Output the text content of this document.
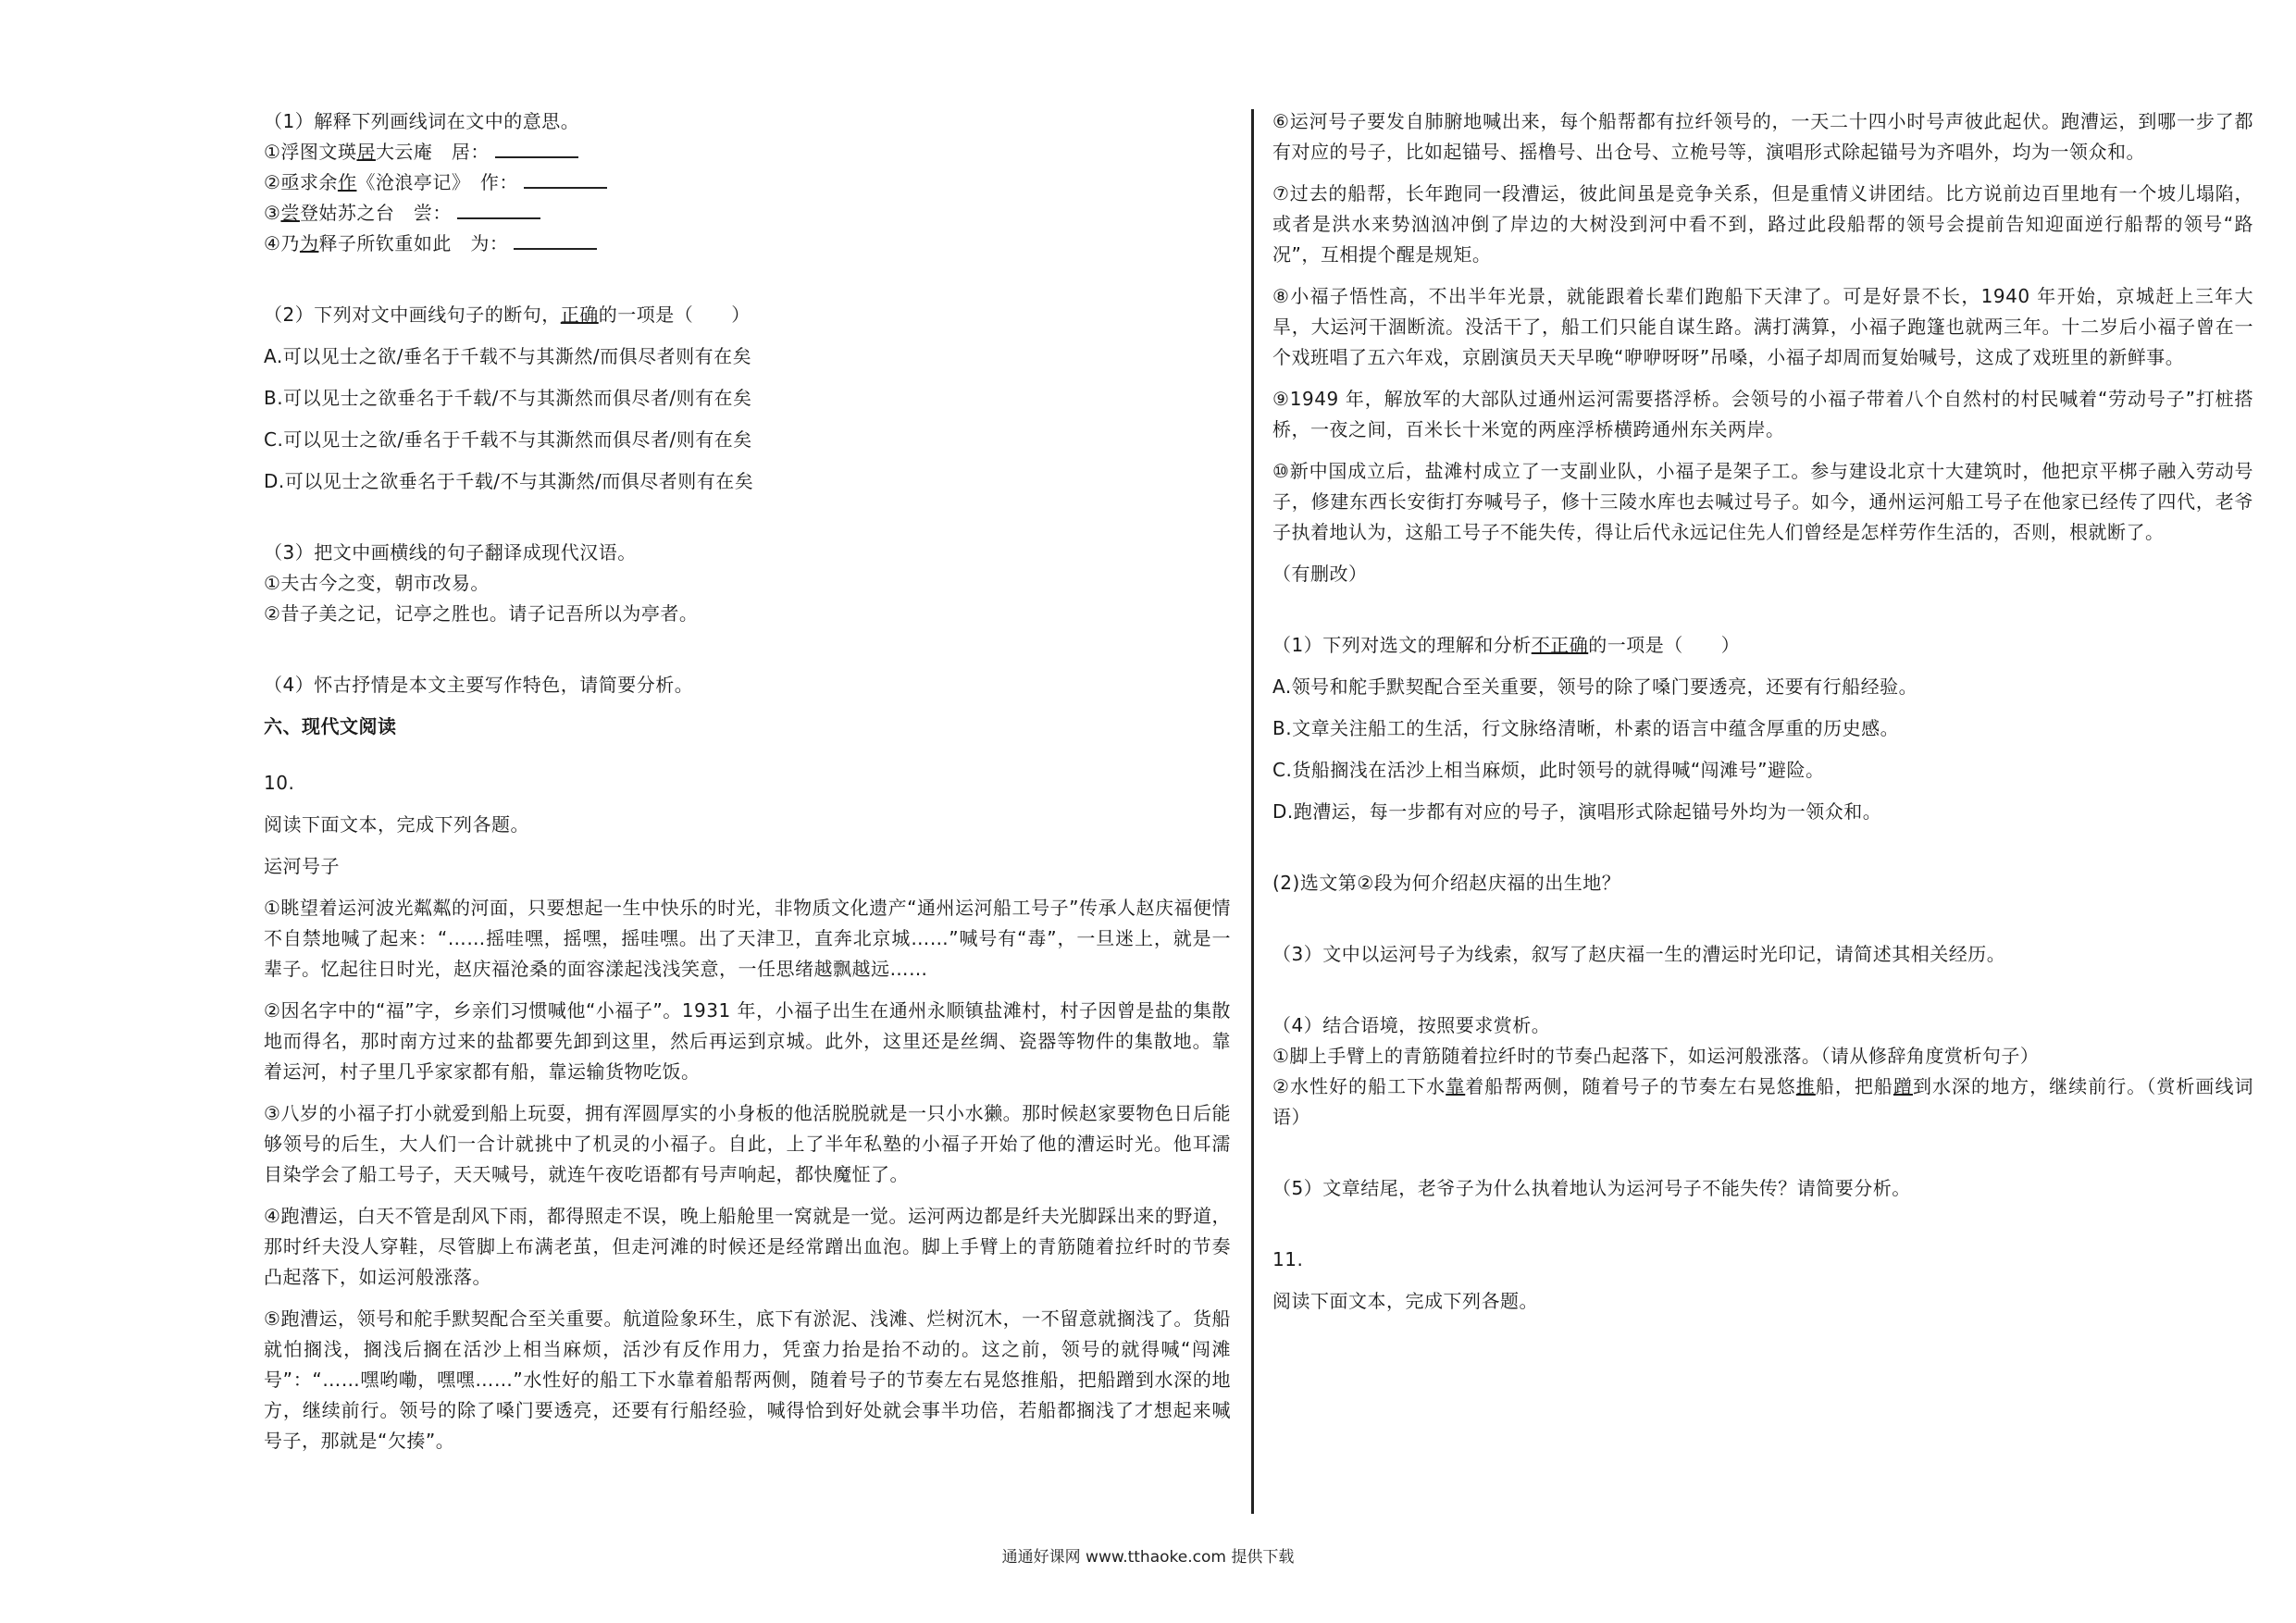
（1）解释下列画线词在文中的意思。

①浮图文瑛居大云庵　居：

②亟求余作《沧浪亭记》　作：

③尝登姑苏之台　尝：

④乃为释子所钦重如此　为：

（2）下列对文中画线句子的断句，正确的一项是（　　）

A.可以见士之欲/垂名于千载不与其澌然/而俱尽者则有在矣

B.可以见士之欲垂名于千载/不与其澌然而俱尽者/则有在矣

C.可以见士之欲/垂名于千载不与其澌然而俱尽者/则有在矣

D.可以见士之欲垂名于千载/不与其澌然/而俱尽者则有在矣

（3）把文中画横线的句子翻译成现代汉语。

①夫古今之变，朝市改易。

②昔子美之记，记亭之胜也。请子记吾所以为亭者。

（4）怀古抒情是本文主要写作特色，请简要分析。

六、现代文阅读

10.

阅读下面文本，完成下列各题。

运河号子

①眺望着运河波光粼粼的河面，只要想起一生中快乐的时光，非物质文化遗产“通州运河船工号子”传承人赵庆福便情不自禁地喊了起来：“……摇哇嘿，摇嘿，摇哇嘿。出了天津卫，直奔北京城……”喊号有“毒”，一旦迷上，就是一辈子。忆起往日时光，赵庆福沧桑的面容漾起浅浅笑意，一任思绪越飘越远……

②因名字中的“福”字，乡亲们习惯喊他“小福子”。1931 年，小福子出生在通州永顺镇盐滩村，村子因曾是盐的集散地而得名，那时南方过来的盐都要先卸到这里，然后再运到京城。此外，这里还是丝绸、瓷器等物件的集散地。靠着运河，村子里几乎家家都有船，靠运输货物吃饭。

③八岁的小福子打小就爱到船上玩耍，拥有浑圆厚实的小身板的他活脱脱就是一只小水獭。那时候赵家要物色日后能够领号的后生，大人们一合计就挑中了机灵的小福子。自此，上了半年私塾的小福子开始了他的漕运时光。他耳濡目染学会了船工号子，天天喊号，就连午夜吃语都有号声响起，都快魔怔了。

④跑漕运，白天不管是刮风下雨，都得照走不误，晚上船舱里一窝就是一觉。运河两边都是纤夫光脚踩出来的野道，那时纤夫没人穿鞋，尽管脚上布满老茧，但走河滩的时候还是经常蹭出血泡。脚上手臂上的青筋随着拉纤时的节奏凸起落下，如运河般涨落。

⑤跑漕运，领号和舵手默契配合至关重要。航道险象环生，底下有淤泥、浅滩、烂树沉木，一不留意就搁浅了。货船就怕搁浅，搁浅后搁在活沙上相当麻烦，活沙有反作用力，凭蛮力抬是抬不动的。这之前，领号的就得喊“闯滩号”：“……嘿哟嘞，嘿嘿……”水性好的船工下水靠着船帮两侧，随着号子的节奏左右晃悠推船，把船蹭到水深的地方，继续前行。领号的除了嗓门要透亮，还要有行船经验，喊得恰到好处就会事半功倍，若船都搁浅了才想起来喊号子，那就是“欠揍”。

⑥运河号子要发自肺腑地喊出来，每个船帮都有拉纤领号的，一天二十四小时号声彼此起伏。跑漕运，到哪一步了都有对应的号子，比如起锚号、摇橹号、出仓号、立桅号等，演唱形式除起锚号为齐唱外，均为一领众和。

⑦过去的船帮，长年跑同一段漕运，彼此间虽是竞争关系，但是重情义讲团结。比方说前边百里地有一个坡儿塌陷，或者是洪水来势汹汹冲倒了岸边的大树没到河中看不到，路过此段船帮的领号会提前告知迎面逆行船帮的领号“路况”，互相提个醒是规矩。

⑧小福子悟性高，不出半年光景，就能跟着长辈们跑船下天津了。可是好景不长，1940 年开始，京城赶上三年大旱，大运河干涸断流。没活干了，船工们只能自谋生路。满打满算，小福子跑篷也就两三年。十二岁后小福子曾在一个戏班唱了五六年戏，京剧演员天天早晚“咿咿呀呀”吊嗓，小福子却周而复始喊号，这成了戏班里的新鲜事。

⑨1949 年，解放军的大部队过通州运河需要搭浮桥。会领号的小福子带着八个自然村的村民喊着“劳动号子”打桩搭桥，一夜之间，百米长十米宽的两座浮桥横跨通州东关两岸。

⑩新中国成立后，盐滩村成立了一支副业队，小福子是架子工。参与建设北京十大建筑时，他把京平梆子融入劳动号子，修建东西长安街打夯喊号子，修十三陵水库也去喊过号子。如今，通州运河船工号子在他家已经传了四代，老爷子执着地认为，这船工号子不能失传，得让后代永远记住先人们曾经是怎样劳作生活的，否则，根就断了。

（有删改）

（1）下列对选文的理解和分析不正确的一项是（　　）

A.领号和舵手默契配合至关重要，领号的除了嗓门要透亮，还要有行船经验。

B.文章关注船工的生活，行文脉络清晰，朴素的语言中蕴含厚重的历史感。

C.货船搁浅在活沙上相当麻烦，此时领号的就得喊“闯滩号”避险。

D.跑漕运，每一步都有对应的号子，演唱形式除起锚号外均为一领众和。

(2)选文第②段为何介绍赵庆福的出生地？

（3）文中以运河号子为线索，叙写了赵庆福一生的漕运时光印记，请简述其相关经历。

（4）结合语境，按照要求赏析。

①脚上手臂上的青筋随着拉纤时的节奏凸起落下，如运河般涨落。（请从修辞角度赏析句子）

②水性好的船工下水靠着船帮两侧，随着号子的节奏左右晃悠推船，把船蹭到水深的地方，继续前行。（赏析画线词语）

（5）文章结尾，老爷子为什么执着地认为运河号子不能失传？请简要分析。

11.

阅读下面文本，完成下列各题。

通通好课网 www.tthaoke.com 提供下载
